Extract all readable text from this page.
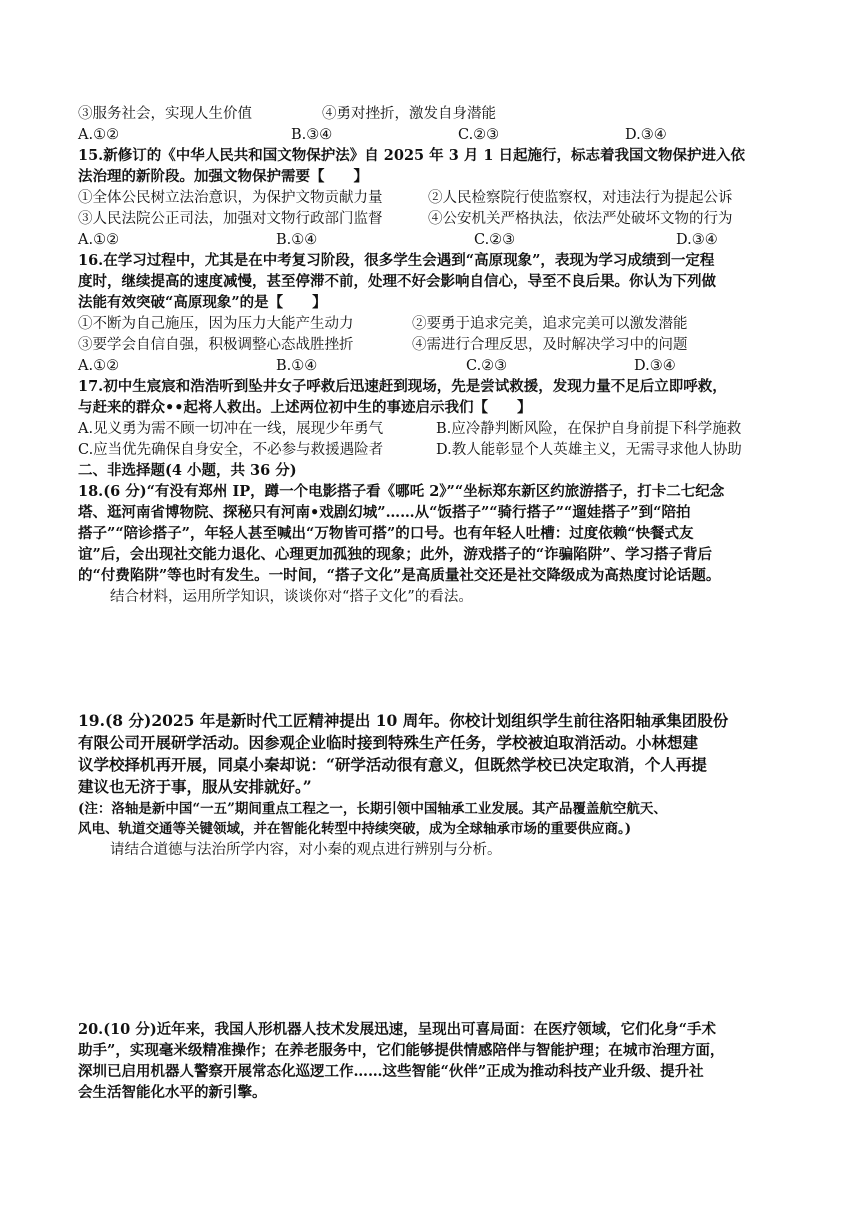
③服务社会，实现人生价值	④勇对挫折，激发自身潜能
A.①②	B.③④	C.②③	D.③④
15.新修订的《中华人民共和国文物保护法》自 2025 年 3 月 1 日起施行，标志着我国文物保护进入依
法治理的新阶段。加强文物保护需要【　　】
①全体公民树立法治意识，为保护文物贡献力量	②人民检察院行使监察权，对违法行为提起公诉
③人民法院公正司法，加强对文物行政部门监督	④公安机关严格执法，依法严处破坏文物的行为
A.①②	B.①④	C.②③	D.③④
16.在学习过程中，尤其是在中考复习阶段，很多学生会遇到“高原现象”，表现为学习成绩到一定程
度时，继续提高的速度减慢，甚至停滞不前，处理不好会影响自信心，导至不良后果。你认为下列做
法能有效突破“高原现象”的是【　　】
①不断为自己施压，因为压力大能产生动力	②要勇于追求完美，追求完美可以激发潜能
③要学会自信自强，积极调整心态战胜挫折	④需进行合理反思，及时解决学习中的问题
A.①②	B.①④	C.②③	D.③④
17.初中生宸宸和浩浩听到坠井女子呼救后迅速赶到现场，先是尝试救援，发现力量不足后立即呼救，
与赶来的群众••起将人救出。上述两位初中生的事迹启示我们【　　】
A.见义勇为需不顾一切冲在一线，展现少年勇气	B.应冷静判断风险，在保护自身前提下科学施救
C.应当优先确保自身安全，不必参与救援遇险者	D.教人能彰显个人英雄主义，无需寻求他人协助
二、非选择题(4 小题，共 36 分)
18.(6 分)“有没有郑州 IP，蹲一个电影搭子看《哪吒 2》”“坐标郑东新区约旅游搭子，打卡二七纪念
塔、逛河南省博物院、探秘只有河南•戏剧幻城”……从“饭搭子”“骑行搭子”“遛娃搭子”到“陪拍
搭子”“陪诊搭子”，年轻人甚至喊出“万物皆可搭”的口号。也有年轻人吐槽：过度依赖“快餐式友
谊”后，会出现社交能力退化、心理更加孤独的现象；此外，游戏搭子的“诈骗陷阱”、学习搭子背后
的“付费陷阱”等也时有发生。一时间，“搭子文化”是高质量社交还是社交降级成为高热度讨论话题。
结合材料，运用所学知识，谈谈你对“搭子文化”的看法。
19.(8 分)2025 年是新时代工匠精神提出 10 周年。你校计划组织学生前往洛阳轴承集团股份
有限公司开展研学活动。因参观企业临时接到特殊生产任务，学校被迫取消活动。小林想建
议学校择机再开展，同桌小秦却说：“研学活动很有意义，但既然学校已决定取消，个人再提
建议也无济于事，服从安排就好。”
(注：洛轴是新中国“一五”期间重点工程之一，长期引领中国轴承工业发展。其产品覆盖航空航天、
风电、轨道交通等关键领域，并在智能化转型中持续突破，成为全球轴承市场的重要供应商。)
请结合道德与法治所学内容，对小秦的观点进行辨别与分析。
20.(10 分)近年来，我国人形机器人技术发展迅速，呈现出可喜局面：在医疗领域，它们化身“手术
助手”，实现毫米级精准操作；在养老服务中，它们能够提供情感陪伴与智能护理；在城市治理方面，
深圳已启用机器人警察开展常态化巡逻工作……这些智能“伙伴”正成为推动科技产业升级、提升社
会生活智能化水平的新引擎。
